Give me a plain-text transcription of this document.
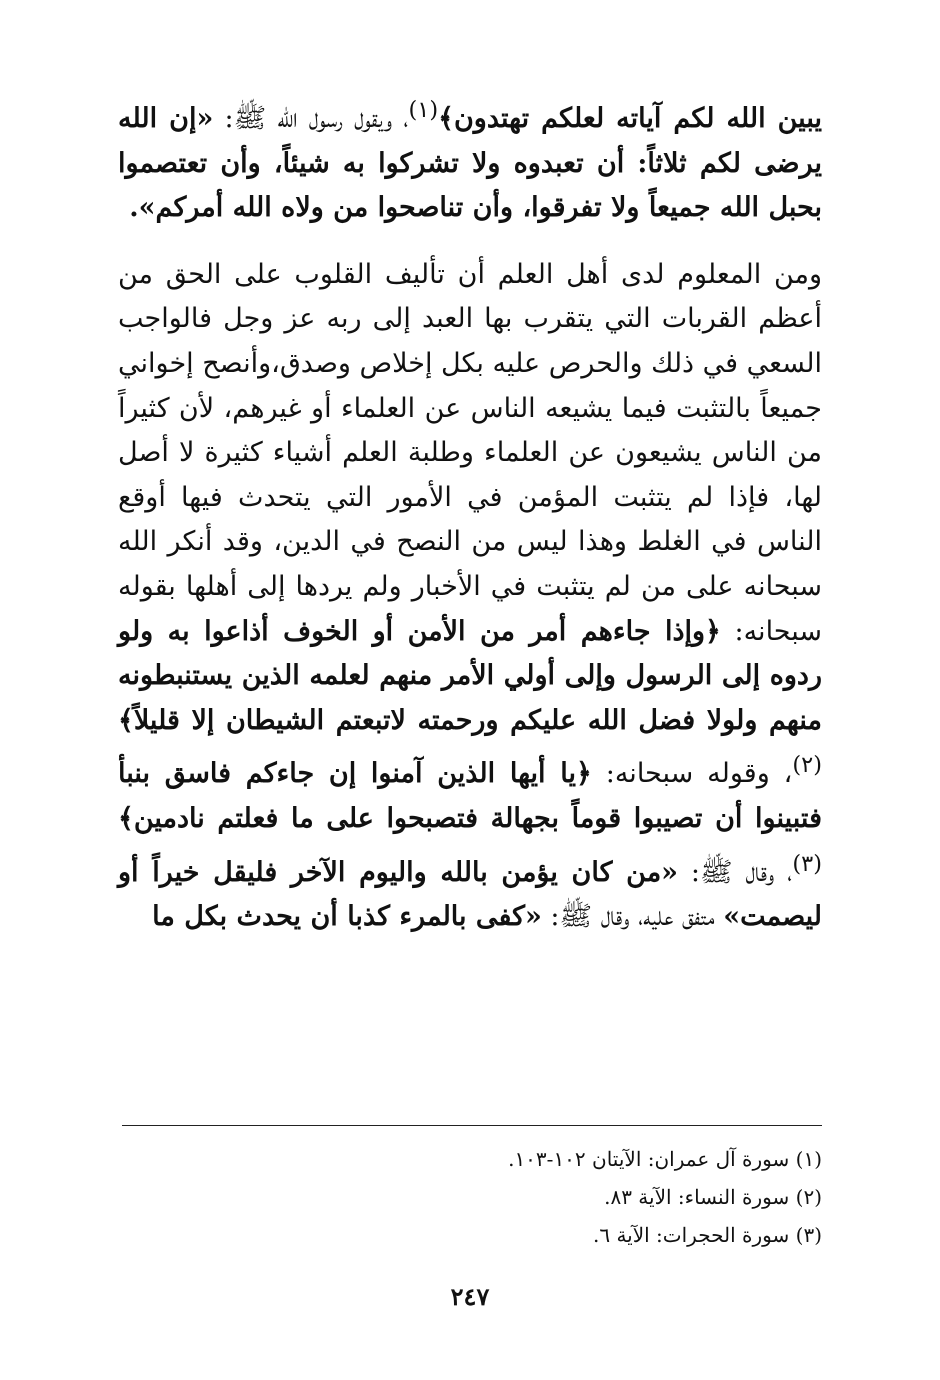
يبين الله لكم آياته لعلكم تهتدون﴾$^{(١)}$، ويقول رسول الله ﷺ: «إن الله يرضى لكم ثلاثاً: أن تعبدوه ولا تشركوا به شيئاً، وأن تعتصموا بحبل الله جميعاً ولا تفرقوا، وأن تناصحوا من ولاه الله أمركم».

ومن المعلوم لدى أهل العلم أن تأليف القلوب على الحق من أعظم القربات التي يتقرب بها العبد إلى ربه عز وجل فالواجب السعي في ذلك والحرص عليه بكل إخلاص وصدق،وأنصح إخواني جميعاً بالتثبت فيما يشيعه الناس عن العلماء أو غيرهم، لأن كثيراً من الناس يشيعون عن العلماء وطلبة العلم أشياء كثيرة لا أصل لها، فإذا لم يتثبت المؤمن في الأمور التي يتحدث فيها أوقع الناس في الغلط وهذا ليس من النصح في الدين، وقد أنكر الله سبحانه على من لم يتثبت في الأخبار ولم يردها إلى أهلها بقوله سبحانه: ﴿وإذا جاءهم أمر من الأمن أو الخوف أذاعوا به ولو ردوه إلى الرسول وإلى أولي الأمر منهم لعلمه الذين يستنبطونه منهم ولولا فضل الله عليكم ورحمته لاتبعتم الشيطان إلا قليلاً﴾$^{(٢)}$، وقوله سبحانه: ﴿يا أيها الذين آمنوا إن جاءكم فاسق بنبأ فتبينوا أن تصيبوا قوماً بجهالة فتصبحوا على ما فعلتم نادمين﴾$^{(٣)}$، وقال ﷺ: «من كان يؤمن بالله واليوم الآخر فليقل خيراً أو ليصمت» متفق عليه، وقال ﷺ: «كفى بالمرء كذبا أن يحدث بكل ما

(١) سورة آل عمران: الآيتان ١٠٢-١٠٣.
(٢) سورة النساء: الآية ٨٣.
(٣) سورة الحجرات: الآية ٦.
٢٤٧
